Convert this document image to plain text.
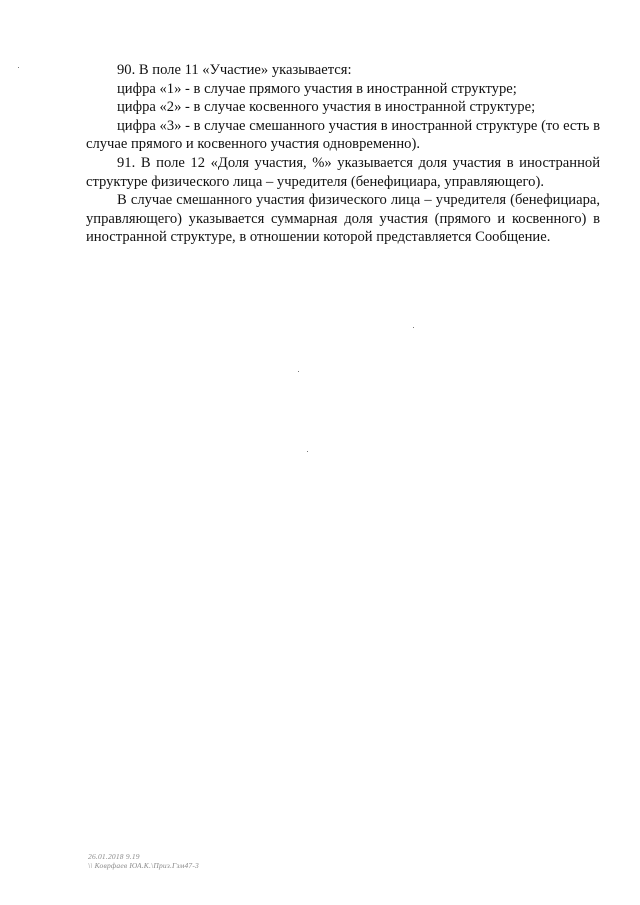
90. В поле 11 «Участие» указывается:

цифра «1» - в случае прямого участия в иностранной структуре;

цифра «2» - в случае косвенного участия в иностранной структуре;

цифра «3» - в случае смешанного участия в иностранной структуре (то есть в случае прямого и косвенного участия одновременно).

91. В поле 12 «Доля участия, %» указывается доля участия в иностранной структуре физического лица – учредителя (бенефициара, управляющего).

В случае смешанного участия физического лица – учредителя (бенефициара, управляющего) указывается суммарная доля участия (прямого и косвенного) в иностранной структуре, в отношении которой представляется Сообщение.

26.01.2018 9.19
\\ Коврфаев ЮА.К.\Приз.Гзм47-3
